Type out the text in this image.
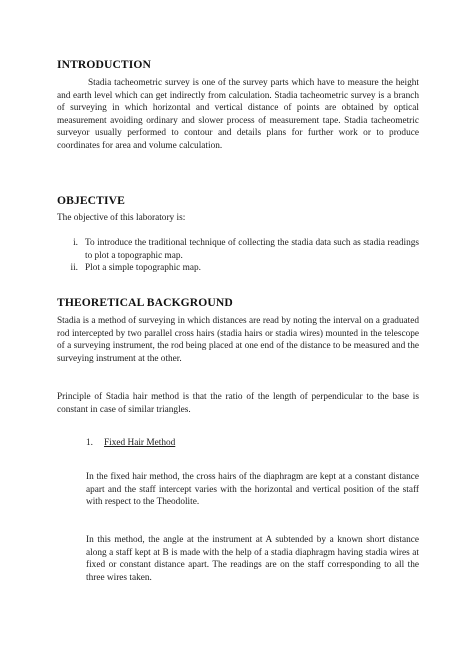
INTRODUCTION

Stadia tacheometric survey is one of the survey parts which have to measure the height and earth level which can get indirectly from calculation. Stadia tacheometric survey is a branch of surveying in which horizontal and vertical distance of points are obtained by optical measurement avoiding ordinary and slower process of measurement tape. Stadia tacheometric surveyor usually performed to contour and details plans for further work or to produce coordinates for area and volume calculation.

OBJECTIVE

The objective of this laboratory is:

i. To introduce the traditional technique of collecting the stadia data such as stadia readings to plot a topographic map.
ii. Plot a simple topographic map.
THEORETICAL BACKGROUND

Stadia is a method of surveying in which distances are read by noting the interval on a graduated rod intercepted by two parallel cross hairs (stadia hairs or stadia wires) mounted in the telescope of a surveying instrument, the rod being placed at one end of the distance to be measured and the surveying instrument at the other.

Principle of Stadia hair method is that the ratio of the length of perpendicular to the base is constant in case of similar triangles.

1. Fixed Hair Method

In the fixed hair method, the cross hairs of the diaphragm are kept at a constant distance apart and the staff intercept varies with the horizontal and vertical position of the staff with respect to the Theodolite.

In this method, the angle at the instrument at A subtended by a known short distance along a staff kept at B is made with the help of a stadia diaphragm having stadia wires at fixed or constant distance apart. The readings are on the staff corresponding to all the three wires taken.
